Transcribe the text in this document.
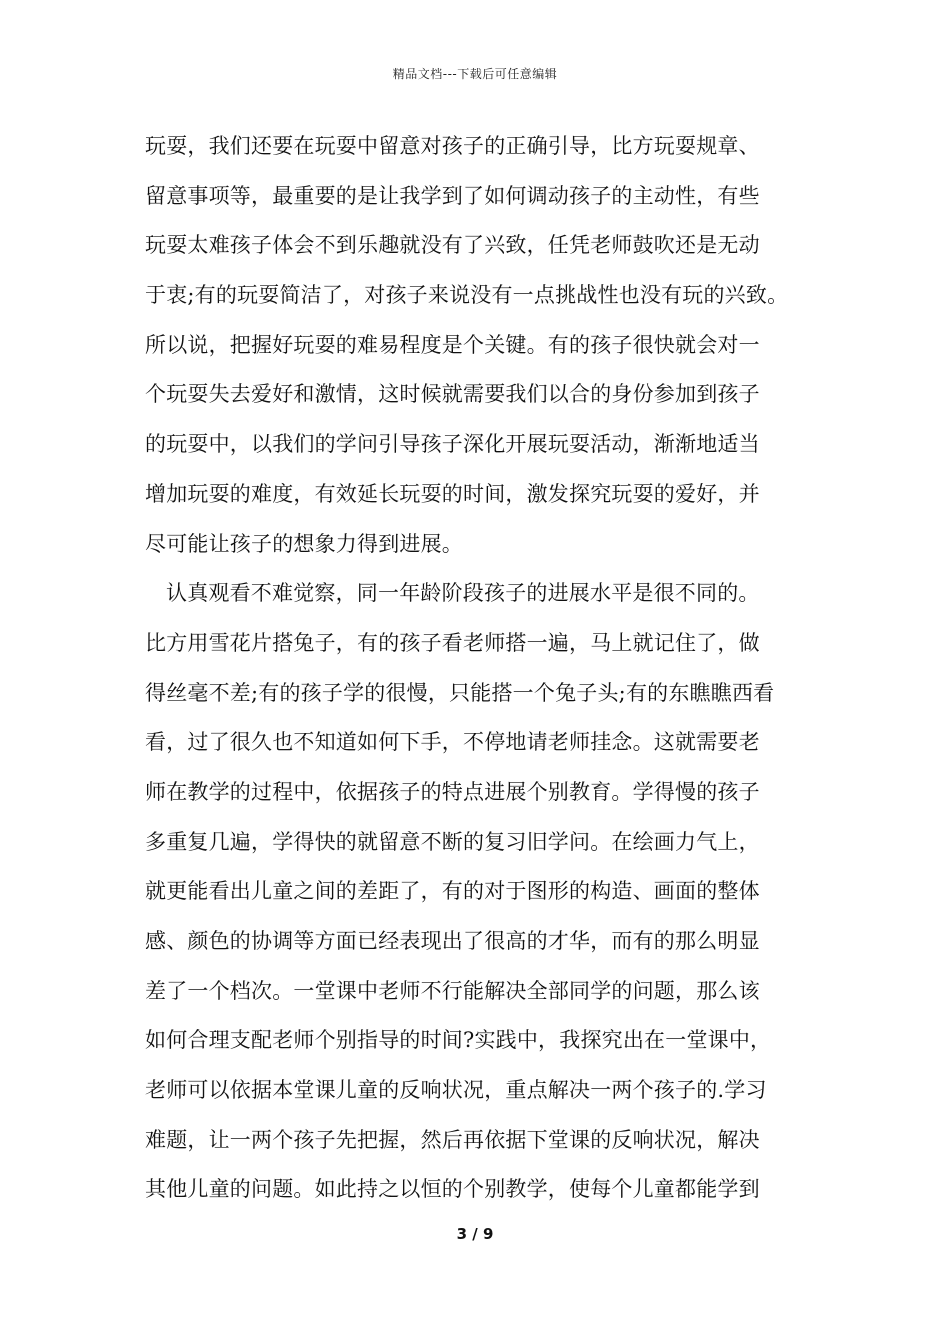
精品文档---下载后可任意编辑
玩耍，我们还要在玩耍中留意对孩子的正确引导，比方玩耍规章、
留意事项等，最重要的是让我学到了如何调动孩子的主动性，有些
玩耍太难孩子体会不到乐趣就没有了兴致，任凭老师鼓吹还是无动
于衷;有的玩耍简洁了，对孩子来说没有一点挑战性也没有玩的兴致。
所以说，把握好玩耍的难易程度是个关键。有的孩子很快就会对一
个玩耍失去爱好和激情，这时候就需要我们以合的身份参加到孩子
的玩耍中，以我们的学问引导孩子深化开展玩耍活动，渐渐地适当
增加玩耍的难度，有效延长玩耍的时间，激发探究玩耍的爱好，并
尽可能让孩子的想象力得到进展。
认真观看不难觉察，同一年龄阶段孩子的进展水平是很不同的。
比方用雪花片搭兔子，有的孩子看老师搭一遍，马上就记住了，做
得丝毫不差;有的孩子学的很慢，只能搭一个兔子头;有的东瞧瞧西看
看，过了很久也不知道如何下手，不停地请老师挂念。这就需要老
师在教学的过程中，依据孩子的特点进展个别教育。学得慢的孩子
多重复几遍，学得快的就留意不断的复习旧学问。在绘画力气上，
就更能看出儿童之间的差距了，有的对于图形的构造、画面的整体
感、颜色的协调等方面已经表现出了很高的才华，而有的那么明显
差了一个档次。一堂课中老师不行能解决全部同学的问题，那么该
如何合理支配老师个别指导的时间?实践中，我探究出在一堂课中，
老师可以依据本堂课儿童的反响状况，重点解决一两个孩子的.学习
难题，让一两个孩子先把握，然后再依据下堂课的反响状况，解决
其他儿童的问题。如此持之以恒的个别教学，使每个儿童都能学到
3 / 9
